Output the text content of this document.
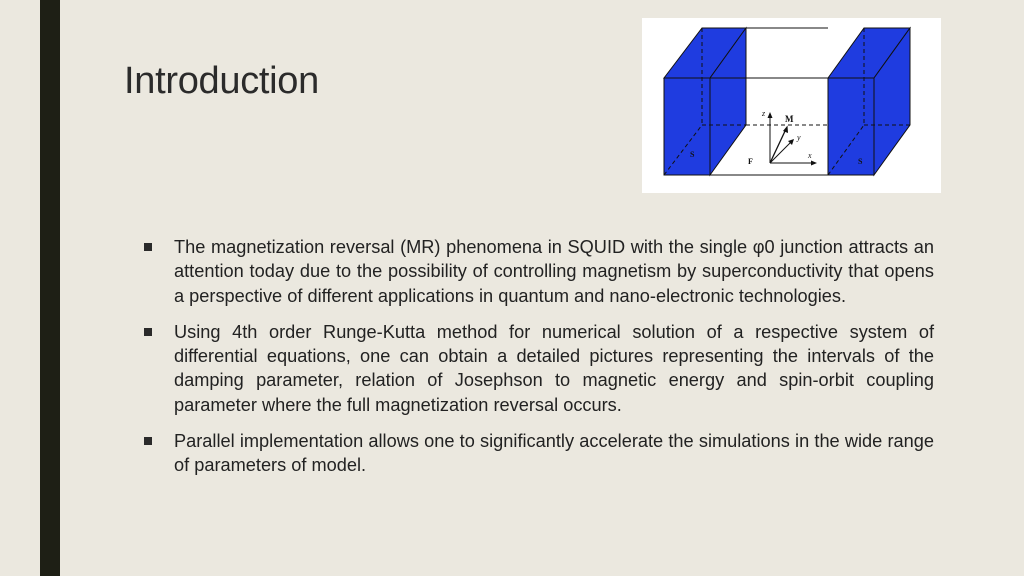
Introduction
z
M
y
x
S
F	S
The magnetization reversal (MR) phenomena in SQUID with the single φ0 junction attracts an attention today due to the possibility of controlling magnetism by superconductivity that opens a perspective of different applications in quantum and nano-electronic technologies.
Using 4th order Runge-Kutta method for numerical solution of a respective system of differential equations, one can obtain a detailed pictures representing the intervals of the damping parameter, relation of Josephson to magnetic energy and spin-orbit coupling parameter where the full magnetization reversal occurs.
Parallel implementation allows one to significantly accelerate the simulations in the wide range of parameters of model.
